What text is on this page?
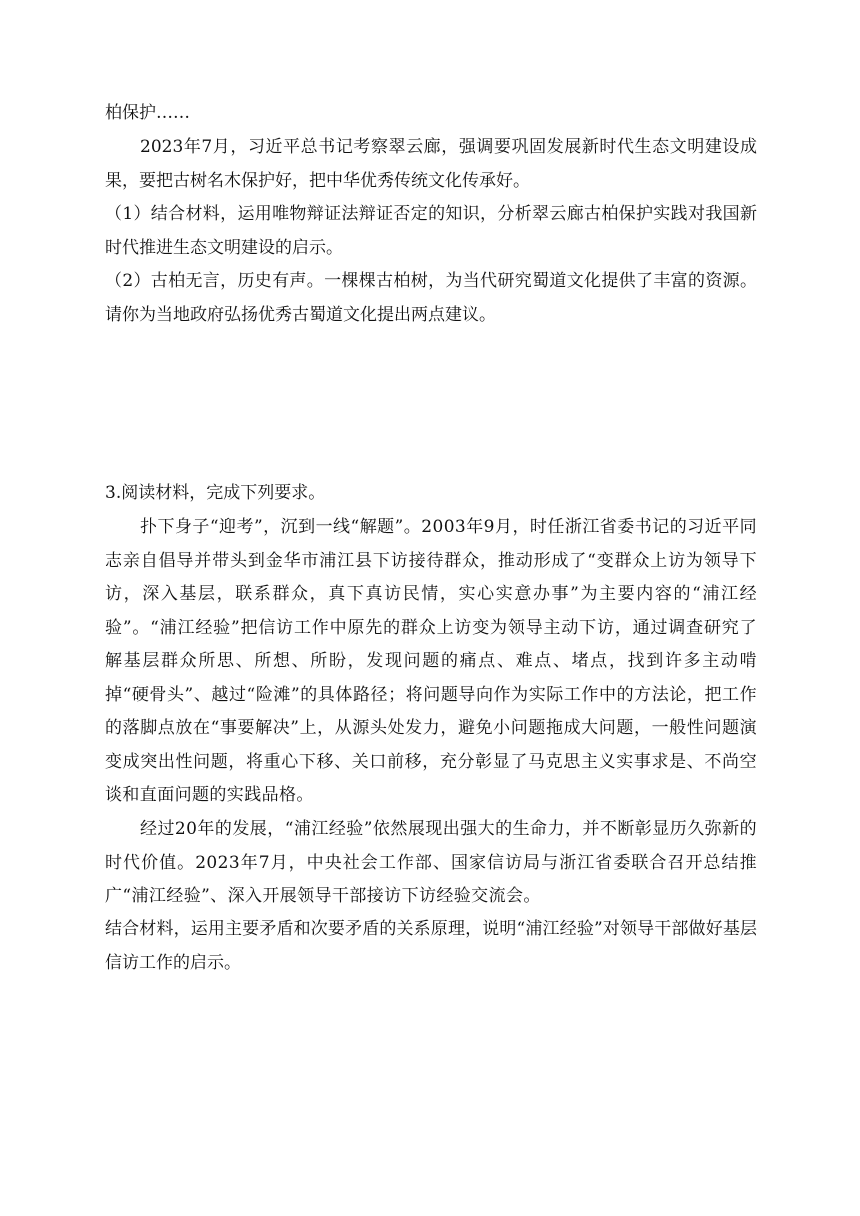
柏保护……

2023年7月，习近平总书记考察翠云廊，强调要巩固发展新时代生态文明建设成果，要把古树名木保护好，把中华优秀传统文化传承好。

（1）结合材料，运用唯物辩证法辩证否定的知识，分析翠云廊古柏保护实践对我国新时代推进生态文明建设的启示。

（2）古柏无言，历史有声。一棵棵古柏树，为当代研究蜀道文化提供了丰富的资源。请你为当地政府弘扬优秀古蜀道文化提出两点建议。

3.阅读材料，完成下列要求。

扑下身子“迎考”，沉到一线“解题”。2003年9月，时任浙江省委书记的习近平同志亲自倡导并带头到金华市浦江县下访接待群众，推动形成了“变群众上访为领导下访，深入基层，联系群众，真下真访民情，实心实意办事”为主要内容的“浦江经验”。“浦江经验”把信访工作中原先的群众上访变为领导主动下访，通过调查研究了解基层群众所思、所想、所盼，发现问题的痛点、难点、堵点，找到许多主动啃掉“硬骨头”、越过“险滩”的具体路径；将问题导向作为实际工作中的方法论，把工作的落脚点放在“事要解决”上，从源头处发力，避免小问题拖成大问题，一般性问题演变成突出性问题，将重心下移、关口前移，充分彰显了马克思主义实事求是、不尚空谈和直面问题的实践品格。

经过20年的发展，“浦江经验”依然展现出强大的生命力，并不断彰显历久弥新的时代价值。2023年7月，中央社会工作部、国家信访局与浙江省委联合召开总结推广“浦江经验”、深入开展领导干部接访下访经验交流会。

结合材料，运用主要矛盾和次要矛盾的关系原理，说明“浦江经验”对领导干部做好基层信访工作的启示。
